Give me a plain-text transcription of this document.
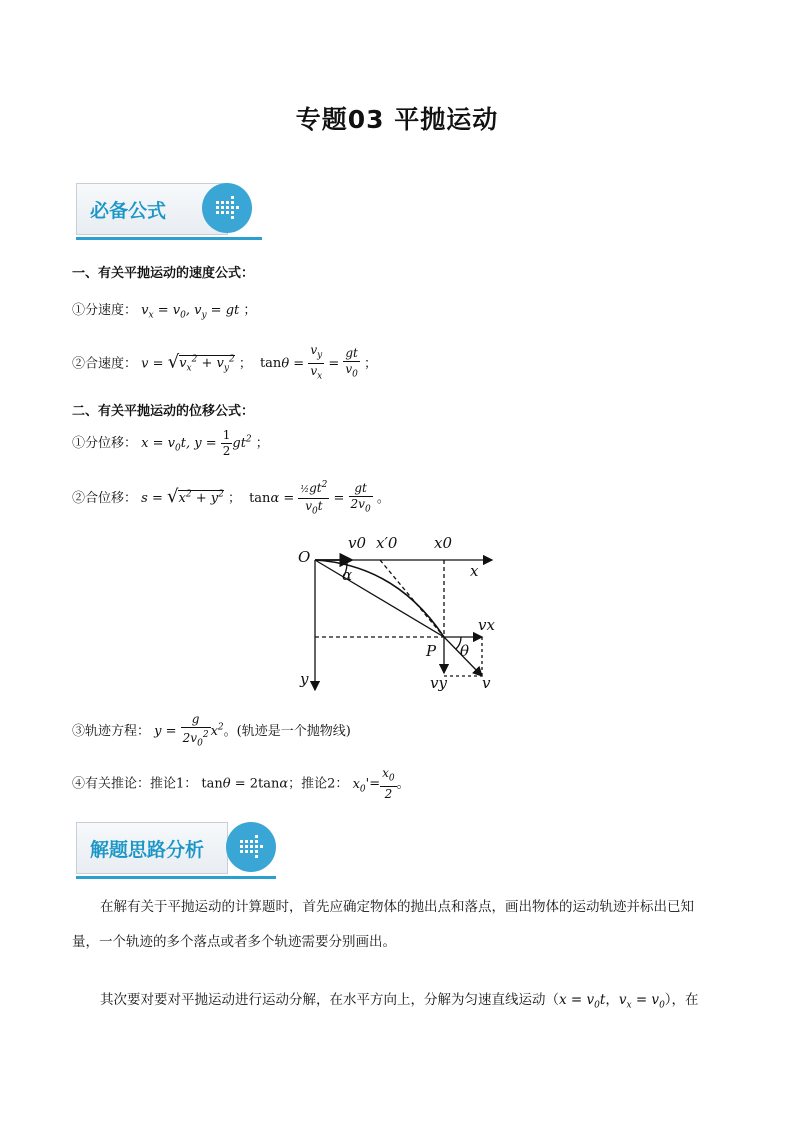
专题03 平抛运动
必备公式
一、有关平抛运动的速度公式：
①分速度： $v_x = v_0$, $v_y$ = gt ；
②合速度： $v = √v_x^2 + v_y^2$ ； $\tan\theta = \frac{v_y}{v_x} = \frac{gt}{v_0}$ ；
二、有关平抛运动的位移公式：
①分位移： $x = v_0t$, $y = \frac{1}{2} gt^2$ ；
②合位移： $s = √x^2 + y^2$ ； $\tan\alpha = \frac{\frac{1}{2}gt^2}{v_0t} = \frac{gt}{2v_0}$ 。
O
v0 x′0 x0
x
α
P θ
vx
vy v
y
③轨迹方程： $y = \frac{g}{2v_0^2} x^2$。(轨迹是一个抛物线)
④有关推论：推论1： tanθ = 2tanα；推论2： $x_0'= \frac{x_0}{2}$ 。
解题思路分析
在解有关于平抛运动的计算题时，首先应确定物体的抛出点和落点，画出物体的运动轨迹并标出已知
量，一个轨迹的多个落点或者多个轨迹需要分别画出。
其次要对要对平抛运动进行运动分解，在水平方向上，分解为匀速直线运动（$x = v_0t$，$v_x = v_0$），在
